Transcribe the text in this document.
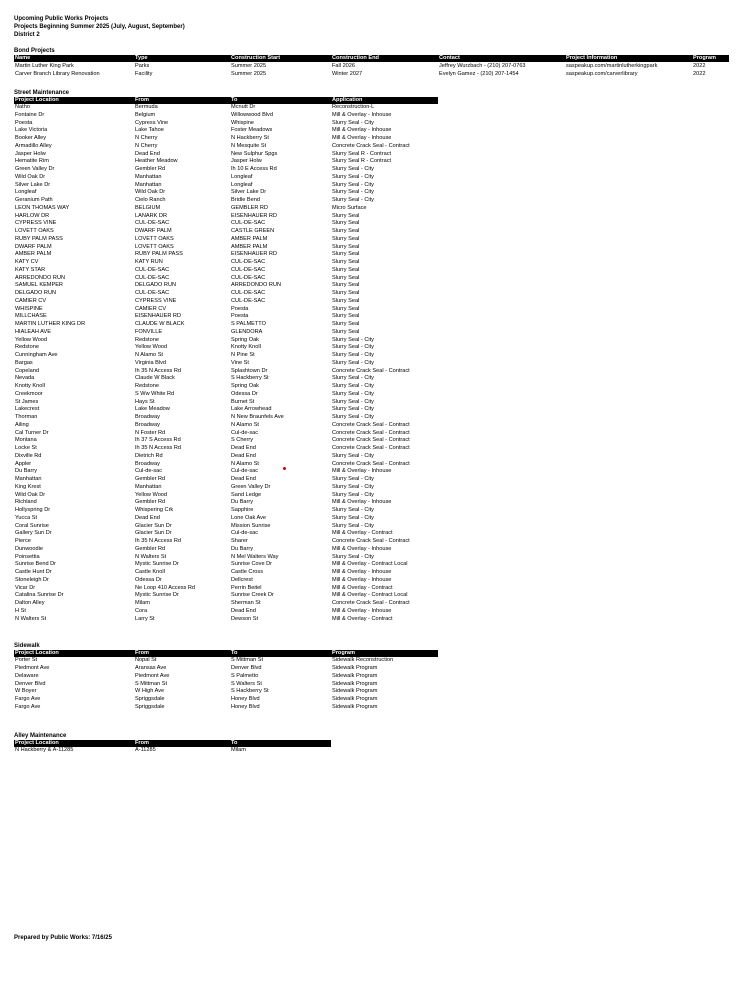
Upcoming Public Works Projects
Projects Beginning Summer 2025 (July, August, September)
District 2
Bond Projects
Name	Type	Construction Start	Construction End	Contact	Project Information	Program
Martin Luther King Park	Parks	Summer 2025	Fall 2026	Jeffrey Wurzbach - (210) 207-0763	saspeakup.com/martinlutherkingpark	2022
Carver Branch Library Renovation	Facility	Summer 2025	Winter 2027	Evelyn Gamez - (210) 207-1454	saspeakup.com/carverlibrary	2022
Street Maintenance
Project Location	From	To	Application
Natho	Bermuda	Mcnutt Dr	Reconstruction-L
Fontaine Dr	Belgium	Willowwood Blvd	Mill & Overlay - Inhouse
Poesta	Cypress Vine	Whispine	Slurry Seal - City
Lake Victoria	Lake Tahoe	Foster Meadows	Mill & Overlay - Inhouse
Booker Alley	N Cherry	N Hackberry St	Mill & Overlay - Inhouse
Armadillo Alley	N Cherry	N Mesquite St	Concrete Crack Seal - Contract
Jasper Holw	Dead End	New Sulphur Spgs	Slurry Seal R - Contract
Hematite Rim	Heather Meadow	Jasper Holw	Slurry Seal R - Contract
Green Valley Dr	Gembler Rd	Ih 10 E Access Rd	Slurry Seal - City
Wild Oak Dr	Manhattan	Longleaf	Slurry Seal - City
Silver Lake Dr	Manhattan	Longleaf	Slurry Seal - City
Longleaf	Wild Oak Dr	Silver Lake Dr	Slurry Seal - City
Geranium Path	Cielo Ranch	Bridle Bend	Slurry Seal - City
LEON THOMAS WAY	BELGIUM	GEMBLER RD	Micro Surface
HARLOW DR	LANARK DR	EISENHAUER RD	Slurry Seal
CYPRESS VINE	CUL-DE-SAC	CUL-DE-SAC	Slurry Seal
LOVETT OAKS	DWARF PALM	CASTLE GREEN	Slurry Seal
RUBY PALM PASS	LOVETT OAKS	AMBER PALM	Slurry Seal
DWARF PALM	LOVETT OAKS	AMBER PALM	Slurry Seal
AMBER PALM	RUBY PALM PASS	EISENHAUER RD	Slurry Seal
KATY CV	KATY RUN	CUL-DE-SAC	Slurry Seal
KATY STAR	CUL-DE-SAC	CUL-DE-SAC	Slurry Seal
ARREDONDO RUN	CUL-DE-SAC	CUL-DE-SAC	Slurry Seal
SAMUEL KEMPER	DELGADO RUN	ARREDONDO RUN	Slurry Seal
DELGADO RUN	CUL-DE-SAC	CUL-DE-SAC	Slurry Seal
CAMIER CV	CYPRESS VINE	CUL-DE-SAC	Slurry Seal
WHISPINE	CAMIER CV	Poesta	Slurry Seal
MILLCHASE	EISENHAUER RD	Poesta	Slurry Seal
MARTIN LUTHER KING DR	CLAUDE W BLACK	S PALMETTO	Slurry Seal
HIALEAH AVE	FONVILLE	GLENDORA	Slurry Seal
Yellow Wood	Redstone	Spring Oak	Slurry Seal - City
Redstone	Yellow Wood	Knotty Knoll	Slurry Seal - City
Cunningham Ave	N Alamo St	N Pine St	Slurry Seal - City
Bargas	Virginia Blvd	Vine St	Slurry Seal - City
Copeland	Ih 35 N Access Rd	Splashtown Dr	Concrete Crack Seal - Contract
Nevada	Claude W Black	S Hackberry St	Slurry Seal - City
Knotty Knoll	Redstone	Spring Oak	Slurry Seal - City
Creekmoor	S Ww White Rd	Odessa Dr	Slurry Seal - City
St James	Hays St	Burnet St	Slurry Seal - City
Lakecrest	Lake Meadow	Lake Arrowhead	Slurry Seal - City
Thorman	Broadway	N New Braunfels Ave	Slurry Seal - City
Ailing	Broadway	N Alamo St	Concrete Crack Seal - Contract
Cal Turner Dr	N Foster Rd	Cul-de-sac	Concrete Crack Seal - Contract
Montana	Ih 37 S Access Rd	S Cherry	Concrete Crack Seal - Contract
Locke St	Ih 35 N Access Rd	Dead End	Concrete Crack Seal - Contract
Dixville Rd	Dietrich Rd	Dead End	Slurry Seal - City
Appler	Broadway	N Alamo St	Concrete Crack Seal - Contract
Du Barry	Cul-de-sac	Cul-de-sac	Mill & Overlay - Inhouse
Manhattan	Gembler Rd	Dead End	Slurry Seal - City
King Krest	Manhattan	Green Valley Dr	Slurry Seal - City
Wild Oak Dr	Yellow Wood	Sand Ledge	Slurry Seal - City
Richland	Gembler Rd	Du Barry	Mill & Overlay - Inhouse
Hollyspring Dr	Whispering Crk	Sapphire	Slurry Seal - City
Yucca St	Dead End	Lone Oak Ave	Slurry Seal - City
Coral Sunrise	Glacier Sun Dr	Mission Sunrise	Slurry Seal - City
Gallery Sun Dr	Glacier Sun Dr	Cul-de-sac	Mill & Overlay - Contract
Pierce	Ih 35 N Access Rd	Sharer	Concrete Crack Seal - Contract
Dunwoodie	Gembler Rd	Du Barry	Mill & Overlay - Inhouse
Poinsettia	N Walters St	N Mel Walters Way	Slurry Seal - City
Sunrise Bend Dr	Mystic Sunrise Dr	Sunrise Cove Dr	Mill & Overlay - Contract Local
Castle Hunt Dr	Castle Knoll	Castle Cross	Mill & Overlay - Inhouse
Stoneleigh Dr	Odessa Dr	Dellcrest	Mill & Overlay - Inhouse
Vicar Dr	Ne Loop 410 Access Rd	Perrin Beitel	Mill & Overlay - Contract
Catalina Sunrise Dr	Mystic Sunrise Dr	Sunrise Creek Dr	Mill & Overlay - Contract Local
Dalton Alley	Milam	Sherman St	Concrete Crack Seal - Contract
H St	Cora	Dead End	Mill & Overlay - Inhouse
N Walters St	Larry St	Dewson St	Mill & Overlay - Contract
Sidewalk
Project Location	From	To	Program
Porter St	Nopal St	S Mittman St	Sidewalk Reconstruction
Piedmont Ave	Aransas Ave	Denver Blvd	Sidewalk Program
Delaware	Piedmont Ave	S Palmetto	Sidewalk Program
Denver Blvd	S Mittman St	S Walters St	Sidewalk Program
W Boyer	W High Ave	S Hackberry St	Sidewalk Program
Fargo Ave	Spriggsdale	Honey Blvd	Sidewalk Program
Fargo Ave	Spriggsdale	Honey Blvd	Sidewalk Program
Alley Maintenance
Project Location	From	To
N Hackberry & A-11285	A-11285	Milam
Prepared by Public Works: 7/16/25
